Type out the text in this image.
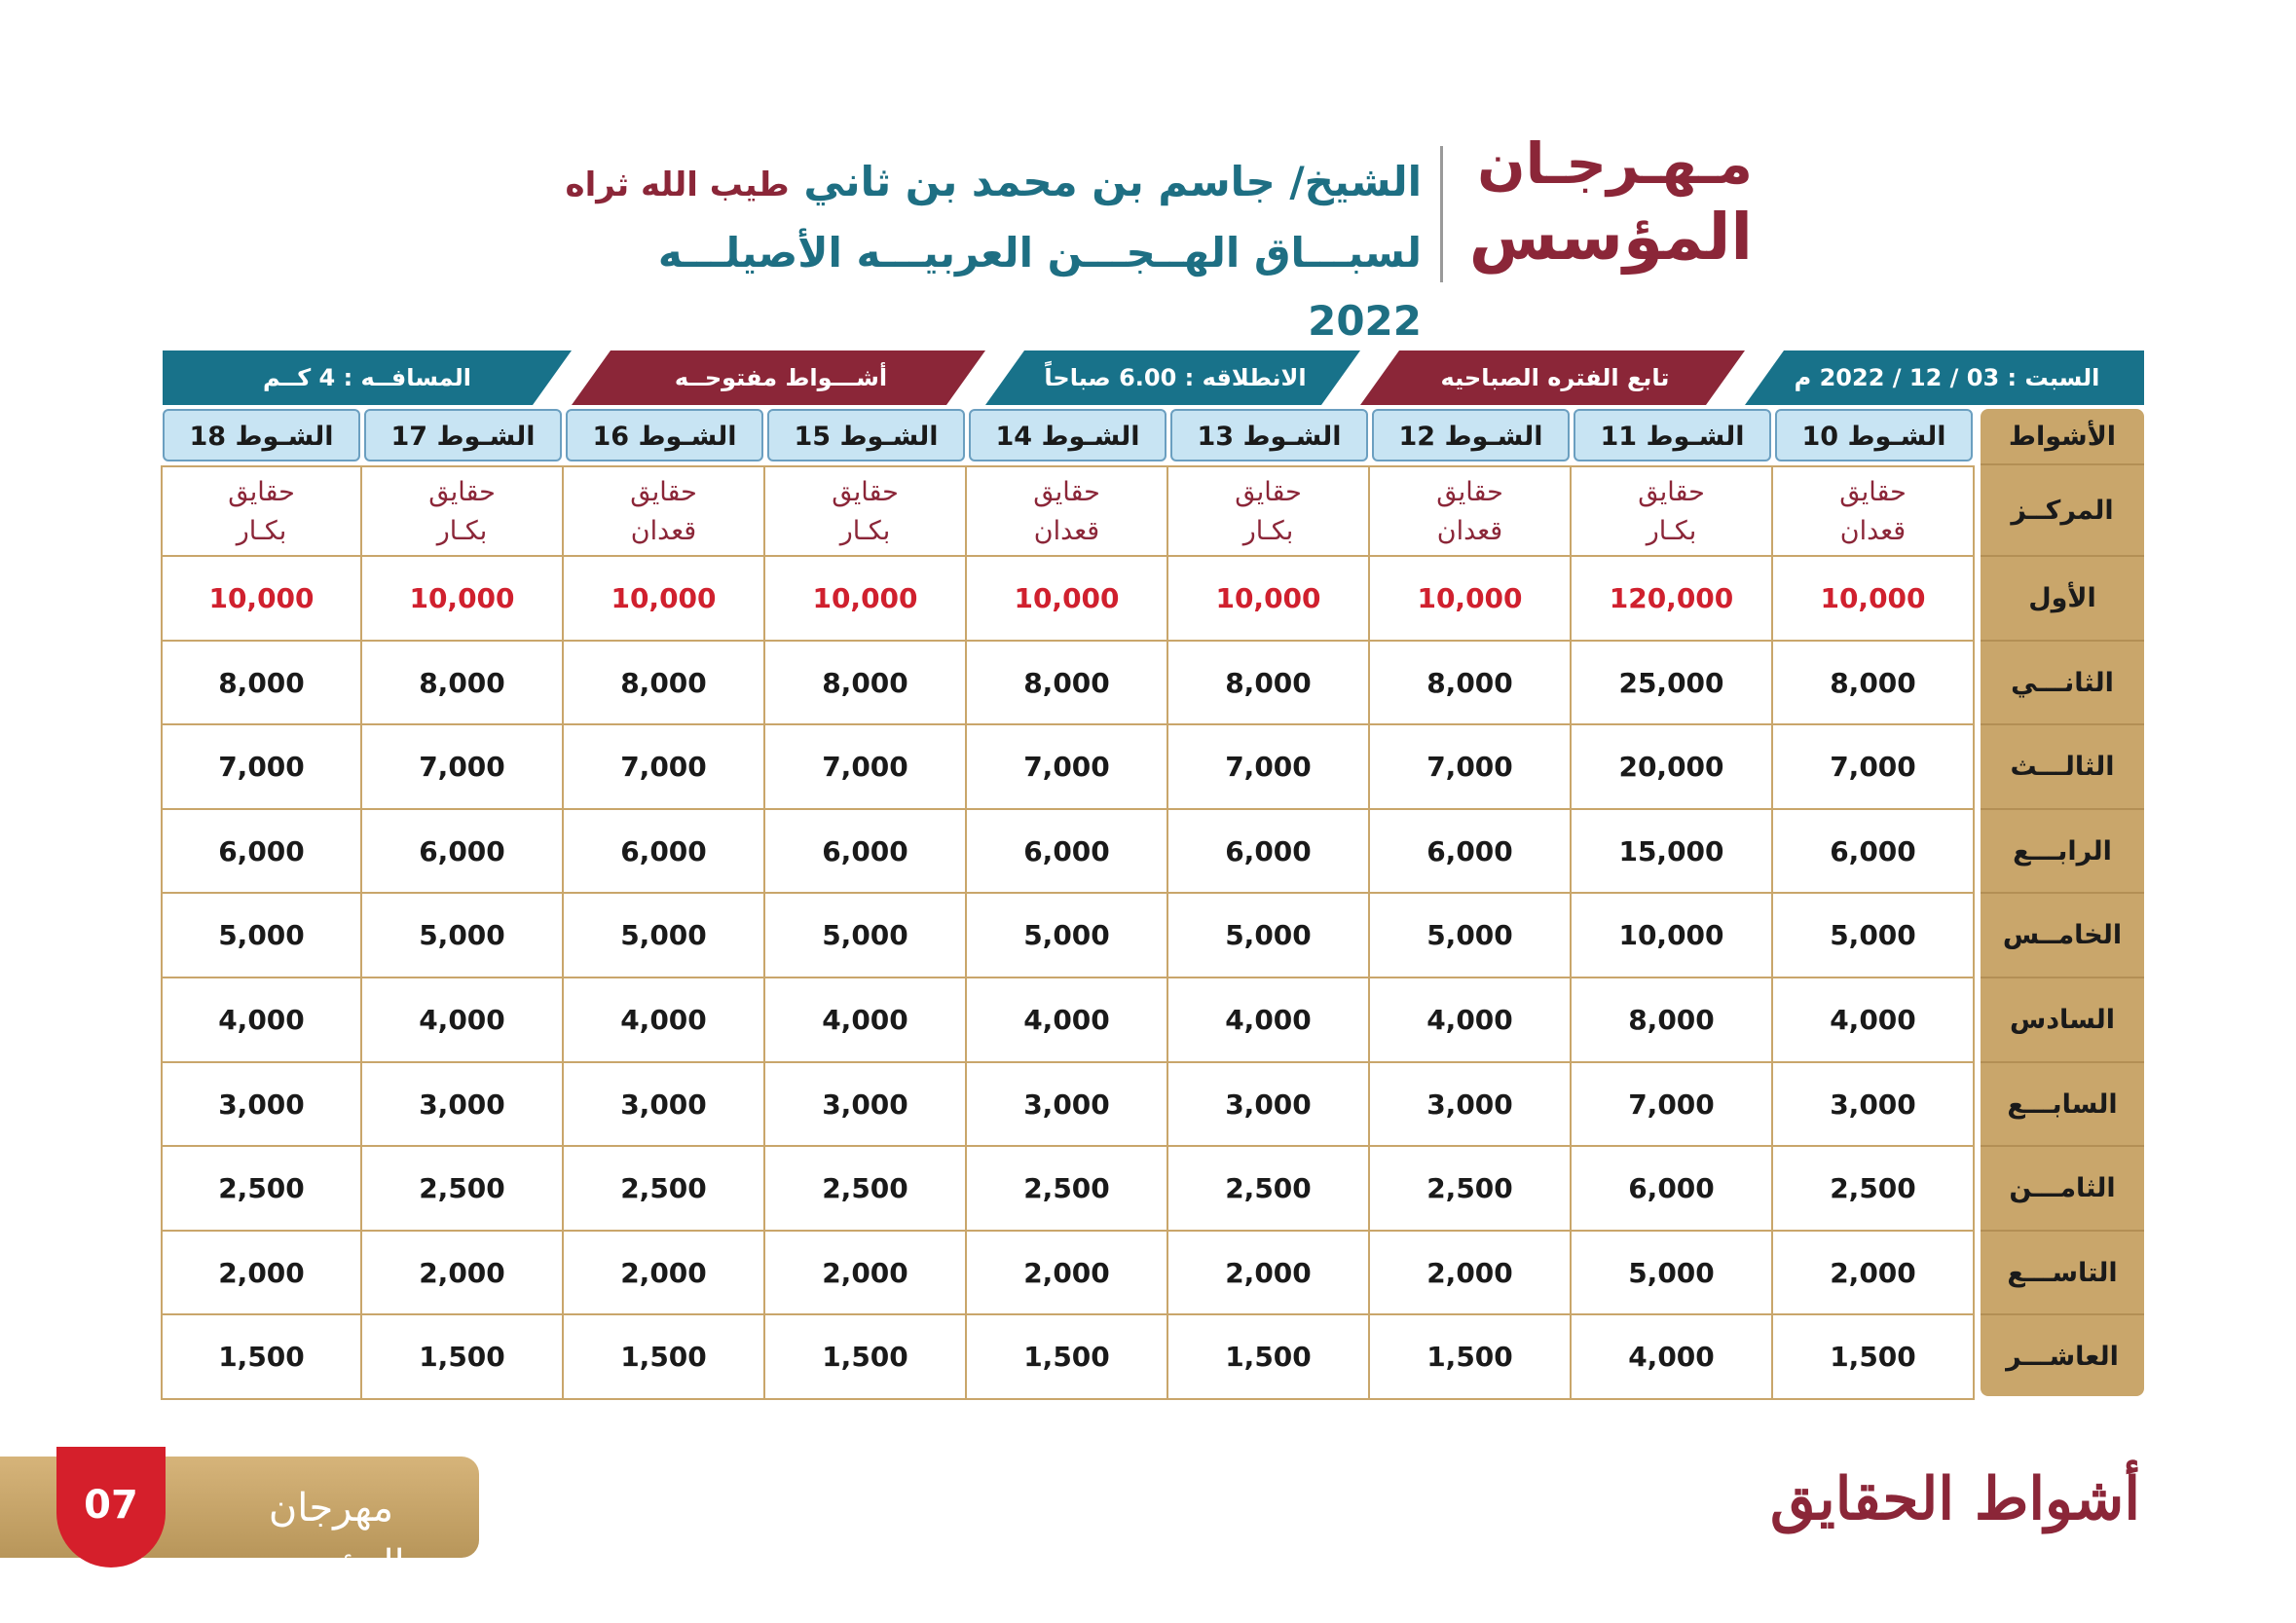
مـهـرجـان
المؤسس
الشيخ/ جاسم بن محمد بن ثاني طيب الله ثراه
لسبـــاق الهــجـــن العربيـــه الأصيلـــه 2022
السبت : 03 / 12 / 2022 م
تابع الفتره الصباحيه
الانطلاقه : 6.00 صباحاً
أشـــواط مفتوحــه
المسافــه : 4 كــم
الأشواط
المركــز
الأول
الثانـــي
الثالـــث
الرابـــع
الخامــس
السادس
السابـــع
الثامـــن
التاســـع
العاشـــر
الشـوط 10
حقايق
قعدان
10,000
8,000
7,000
6,000
5,000
4,000
3,000
2,500
2,000
1,500
الشـوط 11
حقايق
بكـار
120,000
25,000
20,000
15,000
10,000
8,000
7,000
6,000
5,000
4,000
الشـوط 12
حقايق
قعدان
10,000
8,000
7,000
6,000
5,000
4,000
3,000
2,500
2,000
1,500
الشـوط 13
حقايق
بكـار
10,000
8,000
7,000
6,000
5,000
4,000
3,000
2,500
2,000
1,500
الشـوط 14
حقايق
قعدان
10,000
8,000
7,000
6,000
5,000
4,000
3,000
2,500
2,000
1,500
الشـوط 15
حقايق
بكـار
10,000
8,000
7,000
6,000
5,000
4,000
3,000
2,500
2,000
1,500
الشـوط 16
حقايق
قعدان
10,000
8,000
7,000
6,000
5,000
4,000
3,000
2,500
2,000
1,500
الشـوط 17
حقايق
بكـار
10,000
8,000
7,000
6,000
5,000
4,000
3,000
2,500
2,000
1,500
الشـوط 18
حقايق
بكـار
10,000
8,000
7,000
6,000
5,000
4,000
3,000
2,500
2,000
1,500
07	مهرجان المؤسس
أشواط الحقايق
